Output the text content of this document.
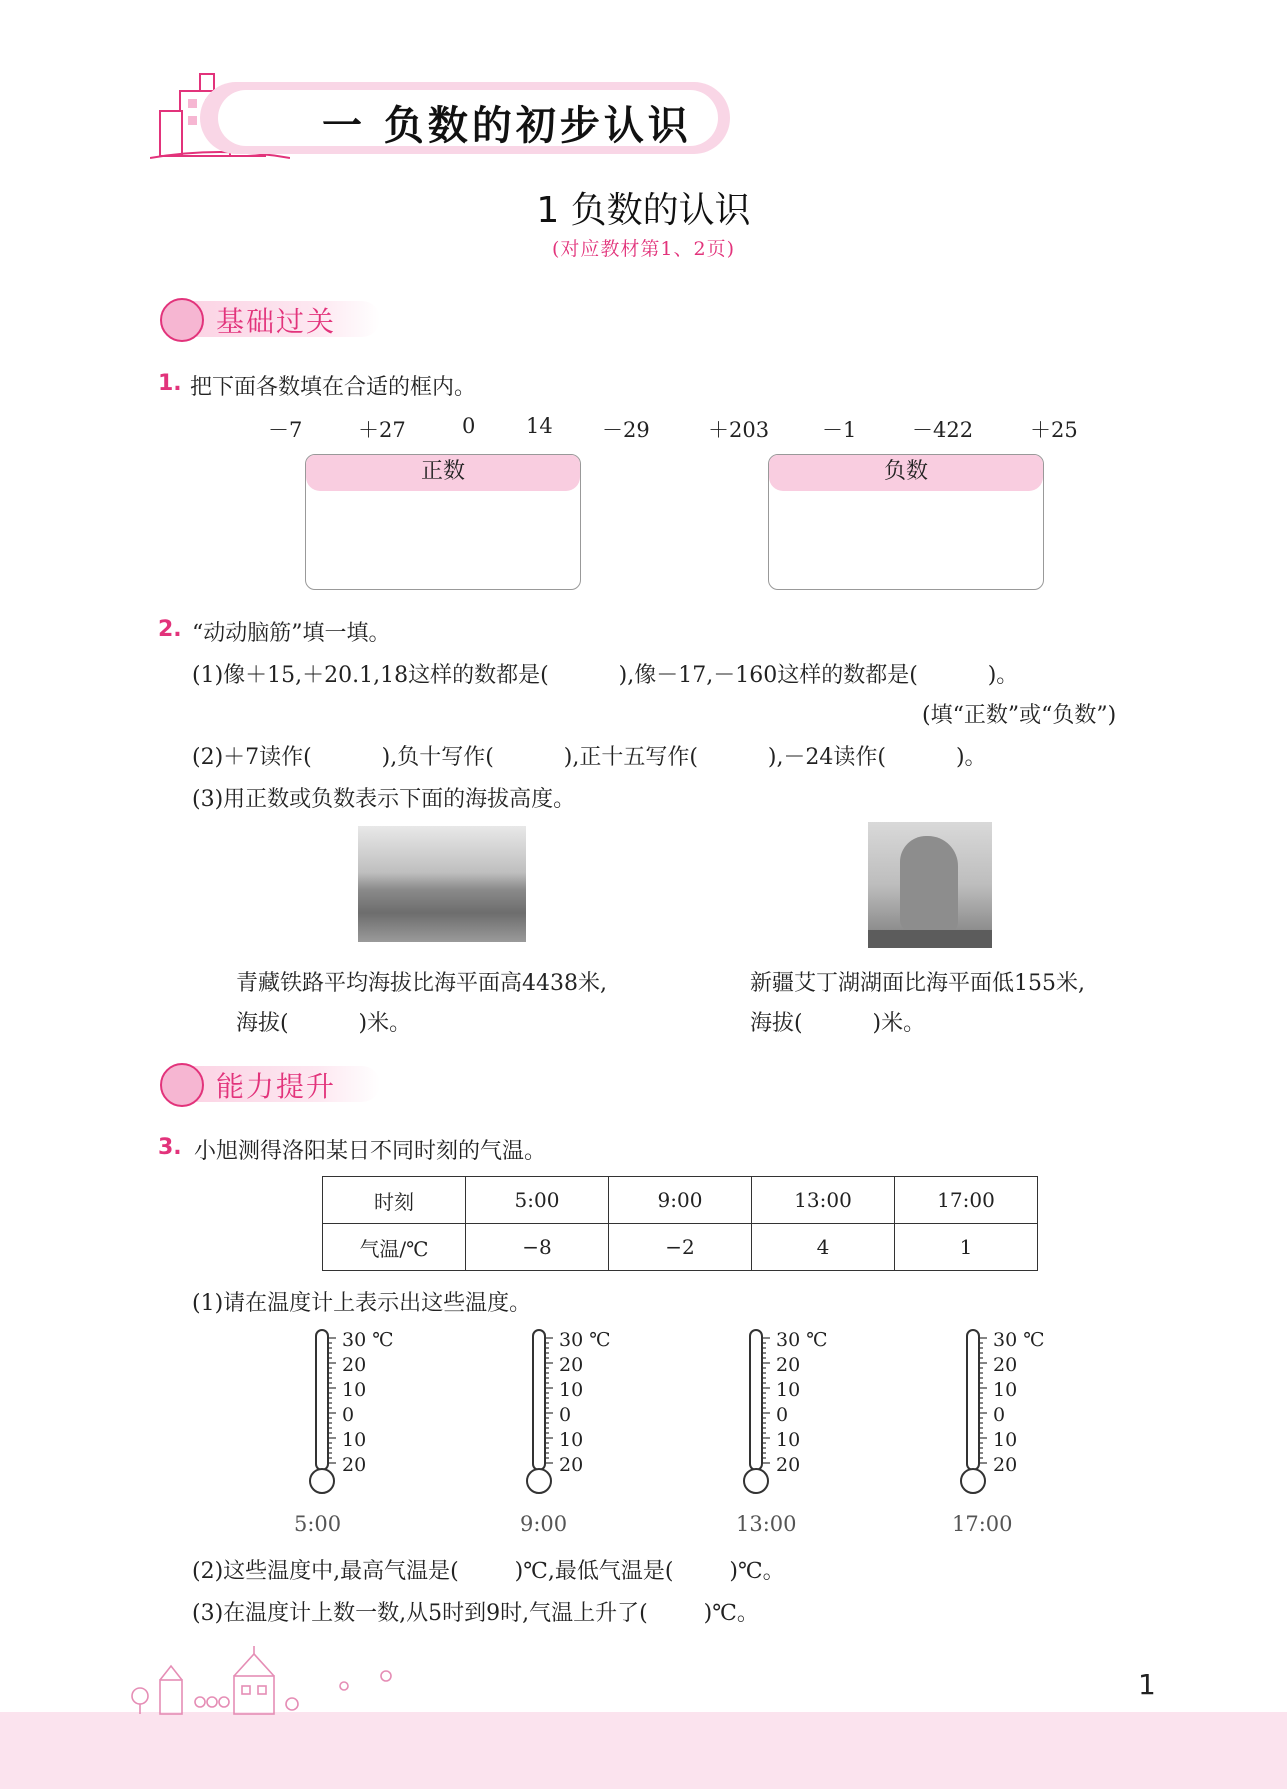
一 负数的初步认识
1 负数的认识
(对应教材第1、2页)
基础过关
1. 把下面各数填在合适的框内。
－7	＋27	0 14 －29	＋203	－1	－422	＋25
正数	负数
2. “动动脑筋”填一填。
(1)像＋15,＋20.1,18这样的数都是(          ),像－17,－160这样的数都是(          )。
(填“正数”或“负数”)
(2)＋7读作(          ),负十写作(          ),正十五写作(          ),－24读作(          )。
(3)用正数或负数表示下面的海拔高度。
青藏铁路平均海拔比海平面高4438米,
海拔(          )米。
新疆艾丁湖湖面比海平面低155米,
海拔(          )米。
能力提升
3. 小旭测得洛阳某日不同时刻的气温。
时刻	5:00	9:00	13:00	17:00
气温/℃	−8	−2	4	1
(1)请在温度计上表示出这些温度。
30 ℃
20
10
0
10
20
30 ℃
20
10
0
10
20
30 ℃
20
10
0
10
20
30 ℃
20
10
0
10
20
5:00	9:00	13:00	17:00
(2)这些温度中,最高气温是(        )℃,最低气温是(        )℃。
(3)在温度计上数一数,从5时到9时,气温上升了(        )℃。
1
